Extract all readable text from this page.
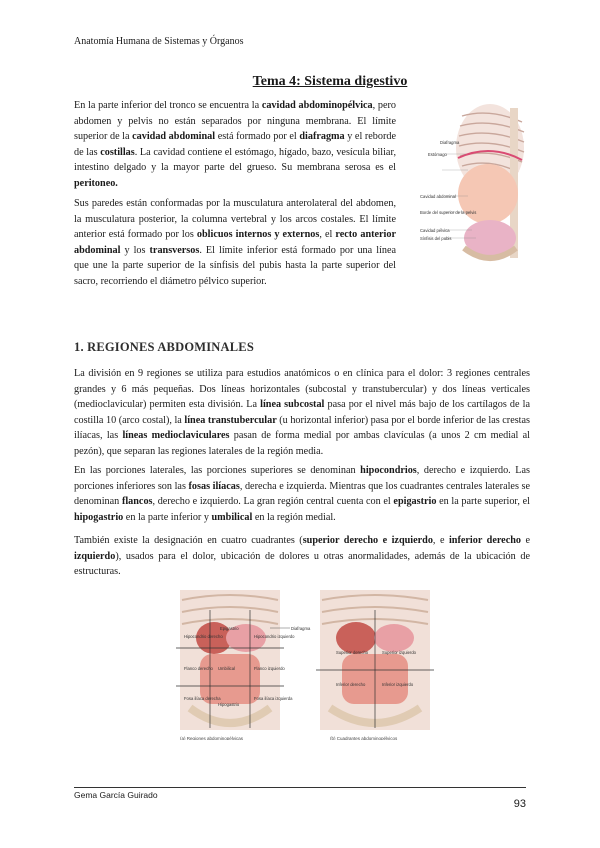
Anatomía Humana de Sistemas y Órganos
Tema 4: Sistema digestivo
En la parte inferior del tronco se encuentra la cavidad abdominopélvica, pero abdomen y pelvis no están separados por ninguna membrana. El límite superior de la cavidad abdominal está formado por el diafragma y el reborde de las costillas. La cavidad contiene el estómago, hígado, bazo, vesícula biliar, intestino delgado y la mayor parte del grueso. Su membrana serosa es el peritoneo.
Sus paredes están conformadas por la musculatura anterolateral del abdomen, la musculatura posterior, la columna vertebral y los arcos costales. El límite anterior está formado por los oblicuos internos y externos, el recto anterior abdominal y los transversos. El límite inferior está formado por una línea que une la parte superior de la sínfisis del pubis hasta la parte superior del sacro, recorriendo el diámetro pélvico superior.
Diafragma
Estómago
Cavidad abdominal
Borde del superior de la pelvis
Cavidad pélvica
Sínfisis del pubis
1. REGIONES ABDOMINALES
La división en 9 regiones se utiliza para estudios anatómicos o en clínica para el dolor: 3 regiones centrales grandes y 6 más pequeñas. Dos líneas horizontales (subcostal y transtubercular) y dos líneas verticales (medioclavicular) permiten esta división. La línea subcostal pasa por el nivel más bajo de los cartílagos de la costilla 10 (arco costal), la línea transtubercular (u horizontal inferior) pasa por el borde inferior de las crestas ilíacas, las líneas medioclaviculares pasan de forma medial por ambas clavículas (a unos 2 cm medial al pezón), que separan las regiones laterales de la región media.
En las porciones laterales, las porciones superiores se denominan hipocondrios, derecho e izquierdo. Las porciones inferiores son las fosas ilíacas, derecha e izquierda. Mientras que los cuadrantes centrales laterales se denominan flancos, derecho e izquierdo. La gran región central cuenta con el epigastrio en la parte superior, el hipogastrio en la parte inferior y umbilical en la región medial.
También existe la designación en cuatro cuadrantes (superior derecho e izquierdo, e inferior derecho e izquierdo), usados para el dolor, ubicación de dolores u otras anormalidades, además de la ubicación de estructuras.
Hipocondrio derecho
Epigastrio
Hipocondrio izquierdo
Flanco derecho Umbilical	Flanco izquierdo
Fosa ilíaca derecha
Hipogastrio
Fosa ilíaca izquierda
(a) Regiones abdominopélvicas
Diafragma
Superior derecho	Superior izquierdo
Inferior derecho	Inferior izquierdo
(b) Cuadrantes abdominopélvicos
Gema García Guirado
93
